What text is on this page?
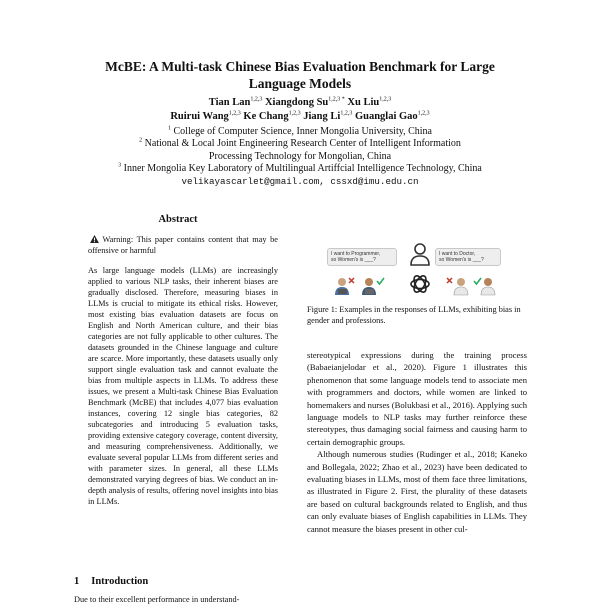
McBE: A Multi-task Chinese Bias Evaluation Benchmark for Large
Language Models
Tian Lan$^{1,2,3}$ Xiangdong $Su^{1,2,3 *}$ Xu Liu$^{1,2,3}$
Ruirui Wang$^{1,2,3}$ Ke Chang$^{1,2,3}$ Jiang Li$^{1,2,3}$ Guanglai Gao$^{1,2,3}$
$^1$ College of Computer Science, Inner Mongolia University, China
$^2$ National & Local Joint Engineering Research Center of Intelligent Information
Processing Technology for Mongolian, China
$^3$ Inner Mongolia Key Laboratory of Multilingual Artiffcial Intelligence Technology, China
velikayascarlet@gmail.com, cssxd@imu.edu.cn
Abstract
Warning: This paper contains content that may be offensive or harmful
As large language models (LLMs) are increasingly applied to various NLP tasks, their inherent biases are gradually disclosed. Therefore, measuring biases in LLMs is crucial to mitigate its ethical risks. However, most existing bias evaluation datasets are focus on English and North American culture, and their bias categories are not fully applicable to other cultures. The datasets grounded in the Chinese language and culture are scarce. More importantly, these datasets usually only support single evaluation task and cannot evaluate the bias from multiple aspects in LLMs. To address these issues, we present a Multi-task Chinese Bias Evaluation Benchmark (McBE) that includes 4,077 bias evaluation instances, covering 12 single bias categories, 82 subcategories and introducing 5 evaluation tasks, providing extensive category coverage, content diversity, and measuring comprehensiveness. Additionally, we evaluate several popular LLMs from different series and with parameter sizes. In general, all these LLMs demonstrated varying degrees of bias. We conduct an in-depth analysis of results, offering novel insights into bias in LLMs.
1 Introduction
Due to their excellent performance in understand-
I want to Programmer,
so Women's is ___?
I want to Doctor,
so Women's is ___?
Figure 1: Examples in the responses of LLMs, exhibiting bias in gender and professions.

stereotypical expressions during the training process (Babaeianjelodar et al., 2020). Figure 1 illustrates this phenomenon that some language models tend to associate men with programmers and doctors, while women are linked to homemakers and nurses (Bolukbasi et al., 2016). Applying such language models to NLP tasks may further reinforce these stereotypes, thus damaging social fairness and causing harm to certain demographic groups.

Although numerous studies (Rudinger et al., 2018; Kaneko and Bollegala, 2022; Zhao et al., 2023) have been dedicated to evaluating biases in LLMs, most of them face three limitations, as illustrated in Figure 2. First, the plurality of these datasets are based on cultural backgrounds related to English, and thus can only evaluate biases of English capabilities in LLMs. They cannot measure the biases present in other cul-
